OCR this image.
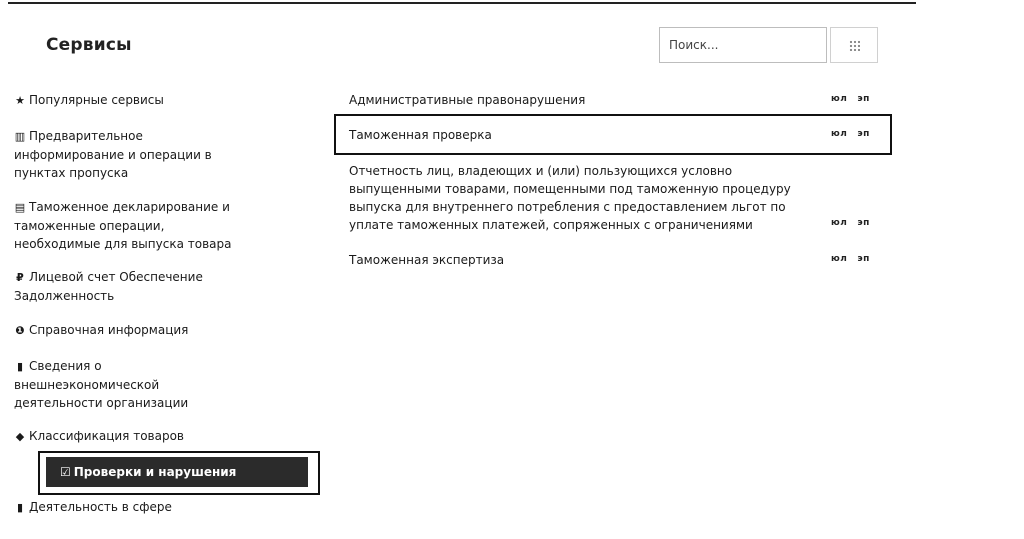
Сервисы
Поиск...
★ Популярные сервисы
▥ Предварительное информирование и операции в пунктах пропуска
▤ Таможенное декларирование и таможенные операции, необходимые для выпуска товара
₽ Лицевой счет Обеспечение Задолженность
❶ Справочная информация
▮ Сведения о внешнеэкономической деятельности организации
◆ Классификация товаров
☑ Проверки и нарушения
▮ Деятельность в сфере
Административные правонарушения	юл эп
Таможенная проверка	юл эп
Отчетность лиц, владеющих и (или) пользующихся условно выпущенными товарами, помещенными под таможенную процедуру выпуска для внутреннего потребления с предоставлением льгот по уплате таможенных платежей, сопряженных с ограничениями	юл эп
Таможенная экспертиза	юл эп
